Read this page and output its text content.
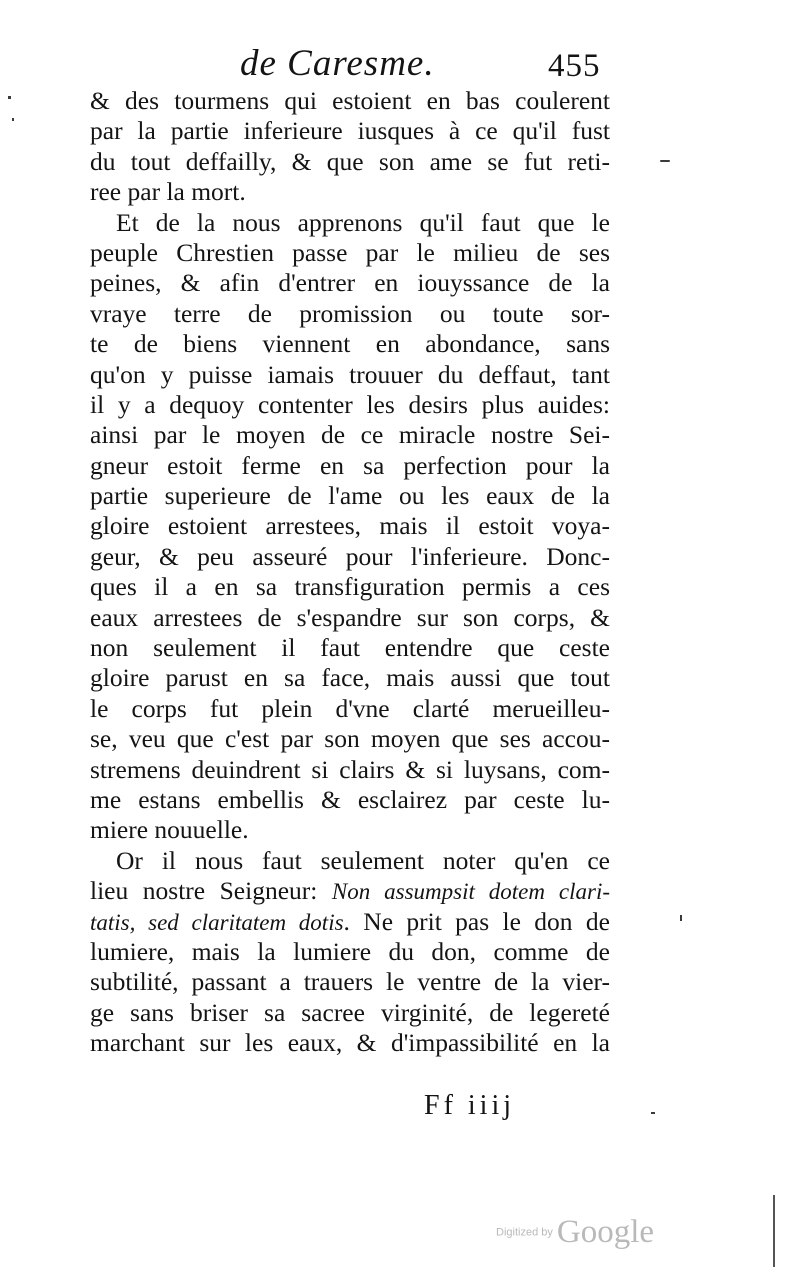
de Caresme.	455
& des tourmens qui estoient en bas coulerent
par la partie inferieure iusques à ce qu'il fust
du tout deffailly, & que son ame se fut reti-
ree par la mort.
Et de la nous apprenons qu'il faut que le
peuple Chrestien passe par le milieu de ses
peines, & afin d'entrer en iouyssance de la
vraye terre de promission ou toute sor-
te de biens viennent en abondance, sans
qu'on y puisse iamais trouuer du deffaut, tant
il y a dequoy contenter les desirs plus auides:
ainsi par le moyen de ce miracle nostre Sei-
gneur estoit ferme en sa perfection pour la
partie superieure de l'ame ou les eaux de la
gloire estoient arrestees, mais il estoit voya-
geur, & peu asseuré pour l'inferieure. Donc-
ques il a en sa transfiguration permis a ces
eaux arrestees de s'espandre sur son corps, &
non seulement il faut entendre que ceste
gloire parust en sa face, mais aussi que tout
le corps fut plein d'vne clarté merueilleu-
se, veu que c'est par son moyen que ses accou-
stremens deuindrent si clairs & si luysans, com-
me estans embellis & esclairez par ceste lu-
miere nouuelle.
Or il nous faut seulement noter qu'en ce
lieu nostre Seigneur: Non assumpsit dotem clari-
tatis, sed claritatem dotis. Ne prit pas le don de
lumiere, mais la lumiere du don, comme de
subtilité, passant a trauers le ventre de la vier-
ge sans briser sa sacree virginité, de legereté
marchant sur les eaux, & d'impassibilité en la
Ff iiij
Digitized by Google
